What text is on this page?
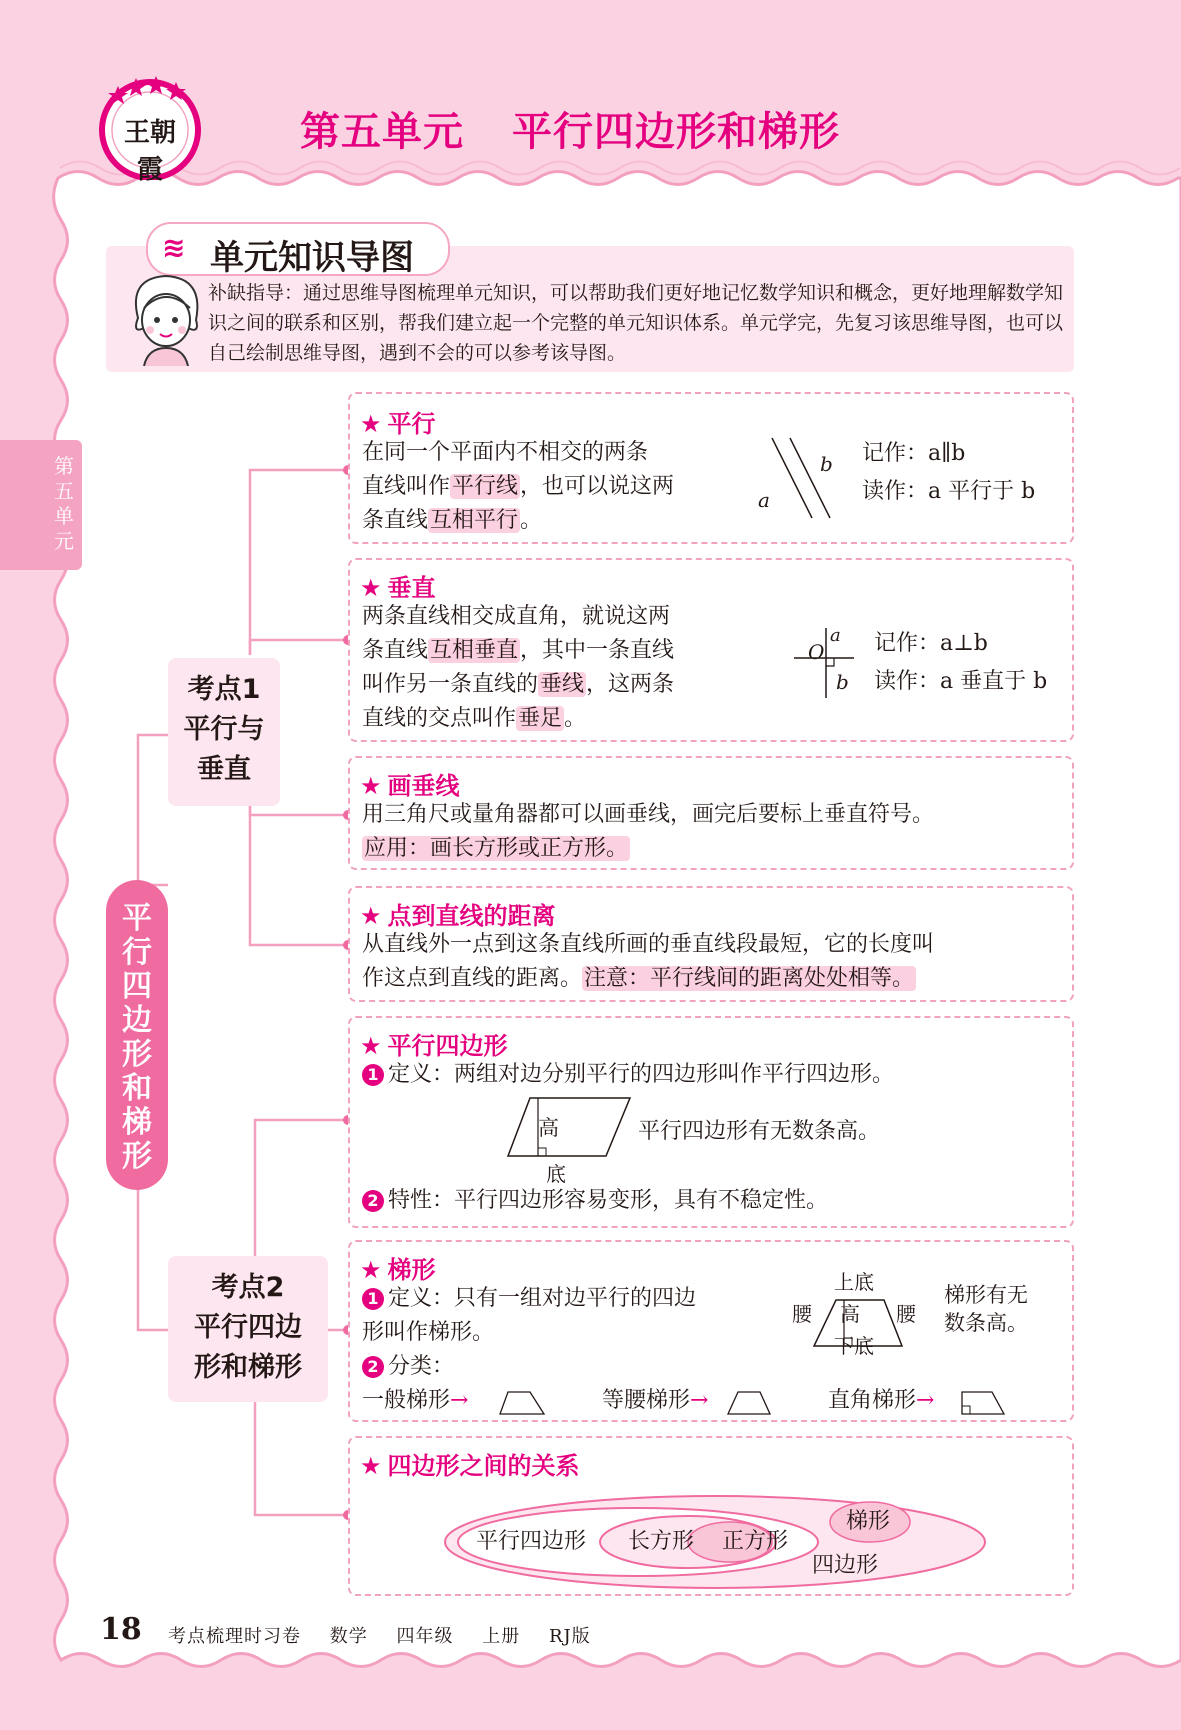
王朝霞
第五单元 平行四边形和梯形
第
五
单
元
≋ 单元知识导图
补缺指导：通过思维导图梳理单元知识，可以帮助我们更好地记忆数学知识和概念，更好地理解数学知识之间的联系和区别，帮我们建立起一个完整的单元知识体系。单元学完，先复习该思维导图，也可以自己绘制思维导图，遇到不会的可以参考该导图。
平行四边形和梯形
考点1
平行与
垂直
考点2
平行四边
形和梯形
★ 平行
在同一个平面内不相交的两条
直线叫作平行线，也可以说这两
条直线互相平行。
a
b 记作：a∥b
读作：a 平行于 b
★ 垂直
两条直线相交成直角，就说这两
条直线互相垂直，其中一条直线
叫作另一条直线的垂线，这两条
直线的交点叫作垂足。
O
a
b
记作：a⊥b
读作：a 垂直于 b
★ 画垂线
用三角尺或量角器都可以画垂线，画完后要标上垂直符号。
应用：画长方形或正方形。
★ 点到直线的距离
从直线外一点到这条直线所画的垂直线段最短，它的长度叫
作这点到直线的距离。注意：平行线间的距离处处相等。
★ 平行四边形
1 定义：两组对边分别平行的四边形叫作平行四边形。
高
底
平行四边形有无数条高。
2 特性：平行四边形容易变形，具有不稳定性。
★ 梯形
1 定义：只有一组对边平行的四边
形叫作梯形。
2 分类：
上底
下底
腰	腰
高
梯形有无
数条高。
一般梯形→	等腰梯形→	直角梯形→
★ 四边形之间的关系
平行四边形 长方形 正方形
梯形
四边形
18 考点梳理时习卷 数学 四年级 上册 RJ版
